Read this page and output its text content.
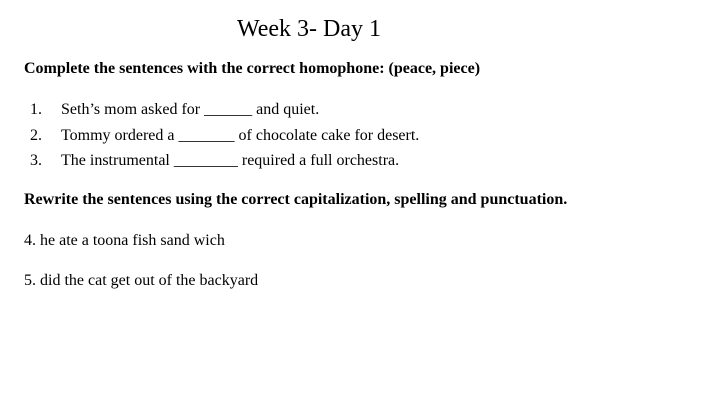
Week 3- Day 1
Complete the sentences with the correct homophone: (peace, piece)
1.	Seth’s mom asked for ______ and quiet.
2.	Tommy ordered a _______ of chocolate cake for desert.
3.	The instrumental ________ required a full orchestra.
Rewrite the sentences using the correct capitalization, spelling and punctuation.
4. he ate a toona fish sand wich
5. did the cat get out of the backyard
